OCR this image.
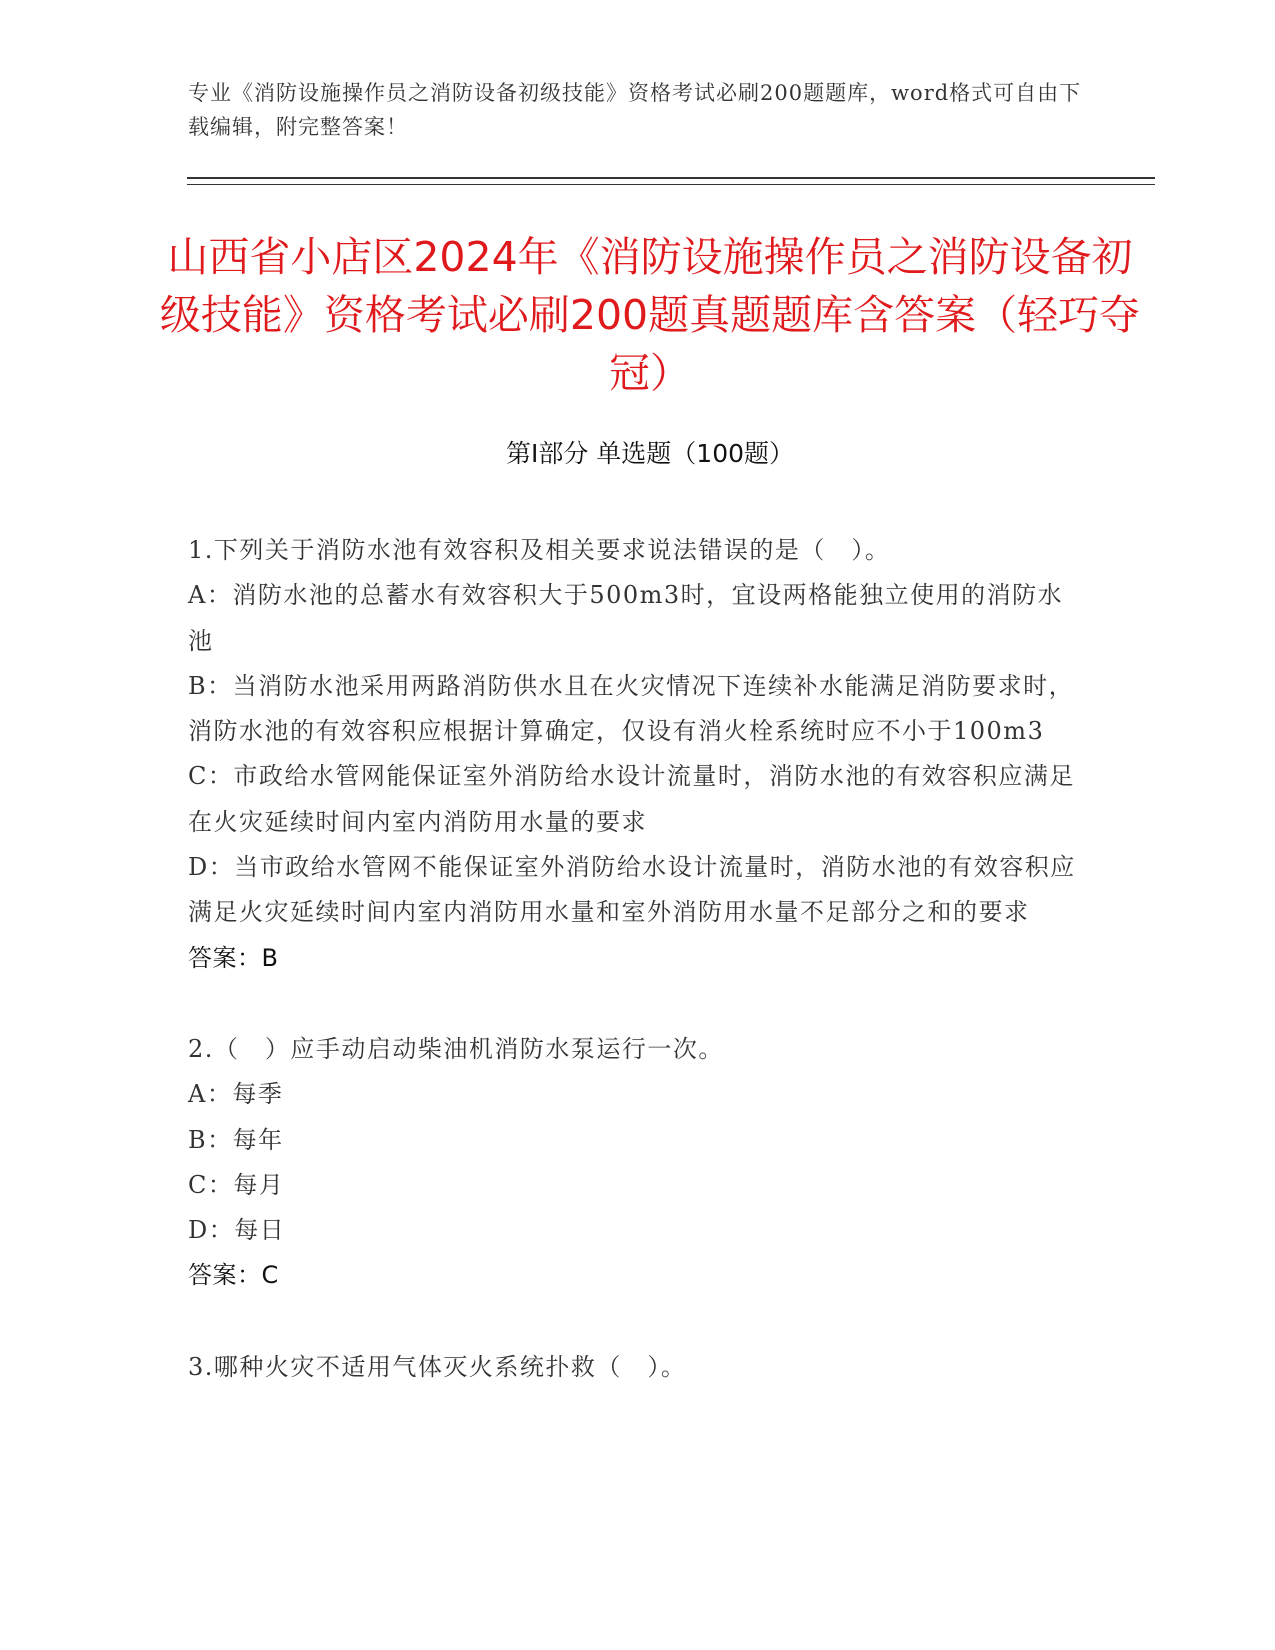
专业《消防设施操作员之消防设备初级技能》资格考试必刷200题题库，word格式可自由下载编辑，附完整答案！
山西省小店区2024年《消防设施操作员之消防设备初级技能》资格考试必刷200题真题题库含答案（轻巧夺冠）
第Ⅰ部分 单选题（100题）
1.下列关于消防水池有效容积及相关要求说法错误的是（　）。
A：消防水池的总蓄水有效容积大于500m3时，宜设两格能独立使用的消防水池
B：当消防水池采用两路消防供水且在火灾情况下连续补水能满足消防要求时，消防水池的有效容积应根据计算确定，仅设有消火栓系统时应不小于100m3
C：市政给水管网能保证室外消防给水设计流量时，消防水池的有效容积应满足在火灾延续时间内室内消防用水量的要求
D：当市政给水管网不能保证室外消防给水设计流量时，消防水池的有效容积应满足火灾延续时间内室内消防用水量和室外消防用水量不足部分之和的要求
答案：B
2.（　）应手动启动柴油机消防水泵运行一次。
A：每季
B：每年
C：每月
D：每日
答案：C
3.哪种火灾不适用气体灭火系统扑救（　）。
